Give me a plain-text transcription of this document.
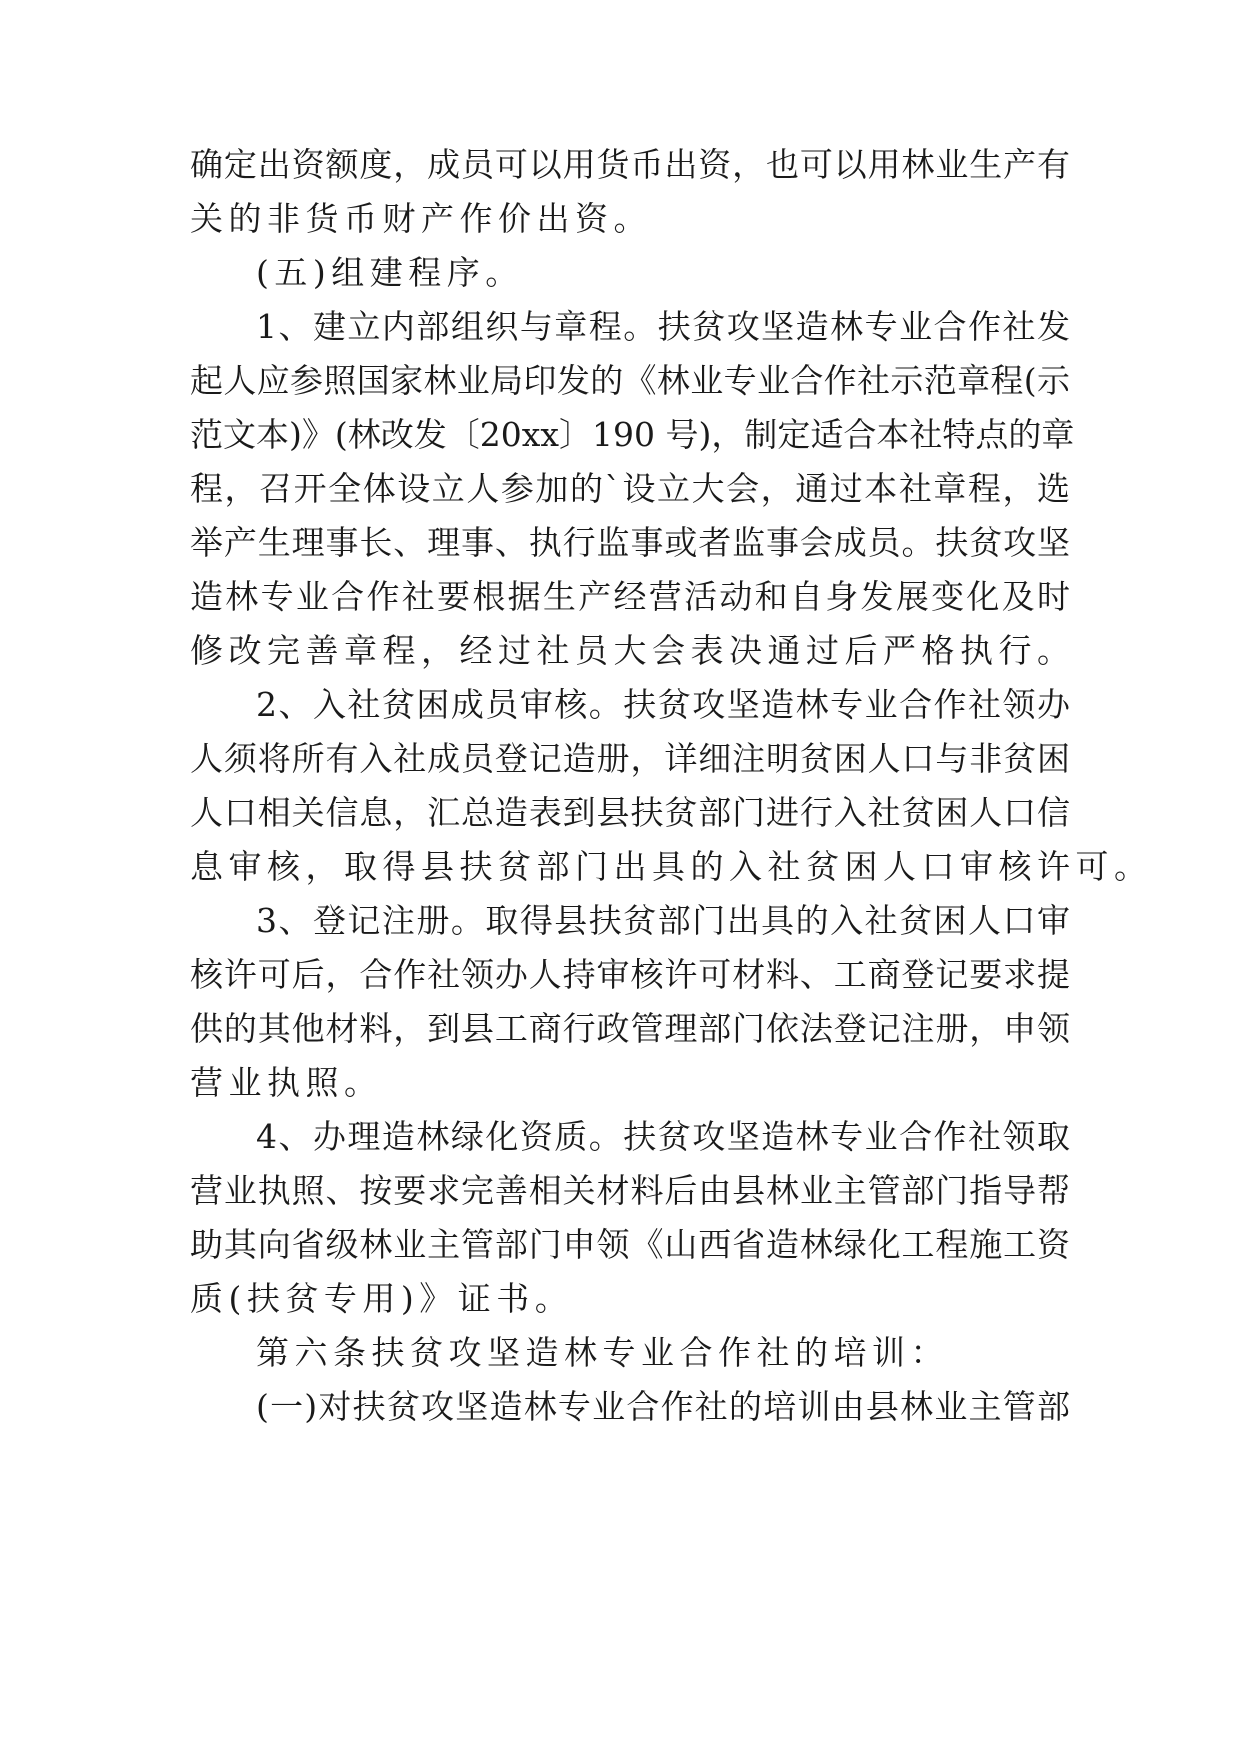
确定出资额度，成员可以用货币出资，也可以用林业生产有
关的非货币财产作价出资。
(五)组建程序。
1、建立内部组织与章程。扶贫攻坚造林专业合作社发
起人应参照国家林业局印发的《林业专业合作社示范章程(示
范文本)》(林改发〔20xx〕190 号)，制定适合本社特点的章
程，召开全体设立人参加的`设立大会，通过本社章程，选
举产生理事长、理事、执行监事或者监事会成员。扶贫攻坚
造林专业合作社要根据生产经营活动和自身发展变化及时
修改完善章程，经过社员大会表决通过后严格执行。
2、入社贫困成员审核。扶贫攻坚造林专业合作社领办
人须将所有入社成员登记造册，详细注明贫困人口与非贫困
人口相关信息，汇总造表到县扶贫部门进行入社贫困人口信
息审核，取得县扶贫部门出具的入社贫困人口审核许可。
3、登记注册。取得县扶贫部门出具的入社贫困人口审
核许可后，合作社领办人持审核许可材料、工商登记要求提
供的其他材料，到县工商行政管理部门依法登记注册，申领
营业执照。
4、办理造林绿化资质。扶贫攻坚造林专业合作社领取
营业执照、按要求完善相关材料后由县林业主管部门指导帮
助其向省级林业主管部门申领《山西省造林绿化工程施工资
质(扶贫专用)》证书。
第六条扶贫攻坚造林专业合作社的培训：
(一)对扶贫攻坚造林专业合作社的培训由县林业主管部
